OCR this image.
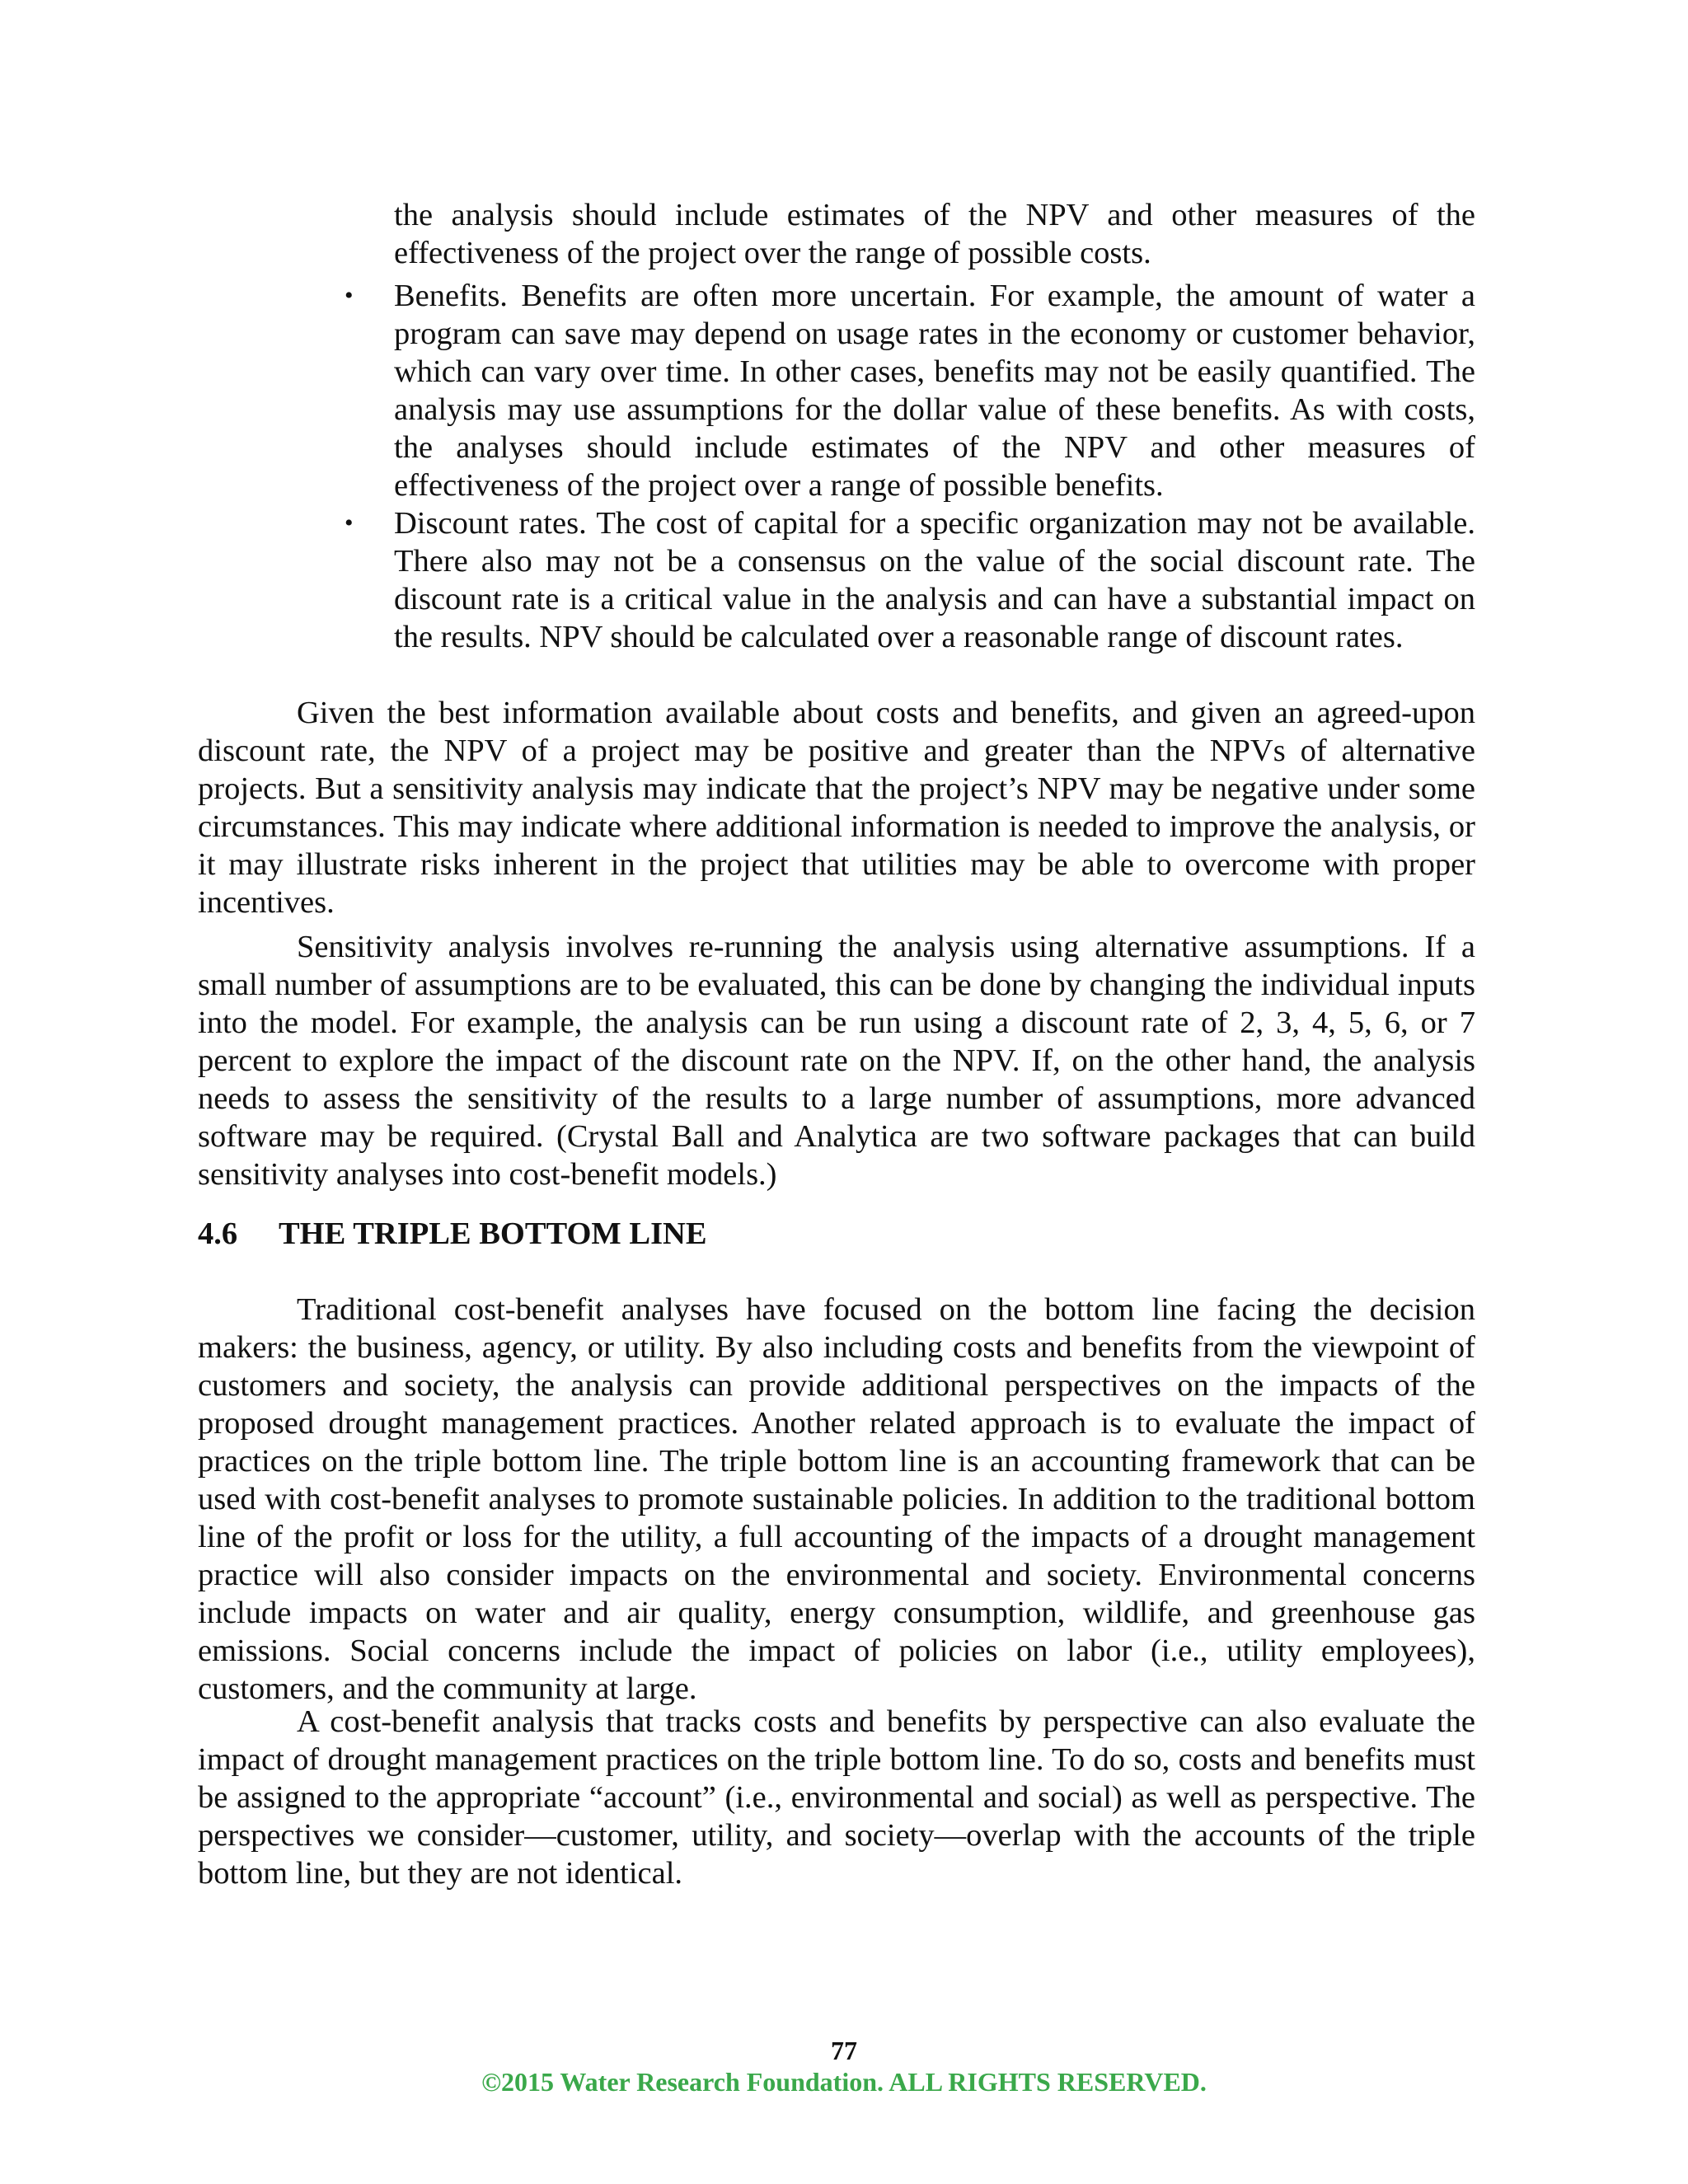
the analysis should include estimates of the NPV and other measures of the effectiveness of the project over the range of possible costs.

• Benefits. Benefits are often more uncertain. For example, the amount of water a program can save may depend on usage rates in the economy or customer behavior, which can vary over time. In other cases, benefits may not be easily quantified. The analysis may use assumptions for the dollar value of these benefits. As with costs, the analyses should include estimates of the NPV and other measures of effectiveness of the project over a range of possible benefits.
• Discount rates. The cost of capital for a specific organization may not be available. There also may not be a consensus on the value of the social discount rate. The discount rate is a critical value in the analysis and can have a substantial impact on the results. NPV should be calculated over a reasonable range of discount rates.

Given the best information available about costs and benefits, and given an agreed-upon discount rate, the NPV of a project may be positive and greater than the NPVs of alternative projects. But a sensitivity analysis may indicate that the project’s NPV may be negative under some circumstances. This may indicate where additional information is needed to improve the analysis, or it may illustrate risks inherent in the project that utilities may be able to overcome with proper incentives.

Sensitivity analysis involves re-running the analysis using alternative assumptions. If a small number of assumptions are to be evaluated, this can be done by changing the individual inputs into the model. For example, the analysis can be run using a discount rate of 2, 3, 4, 5, 6, or 7 percent to explore the impact of the discount rate on the NPV. If, on the other hand, the analysis needs to assess the sensitivity of the results to a large number of assumptions, more advanced software may be required. (Crystal Ball and Analytica are two software packages that can build sensitivity analyses into cost-benefit models.)

4.6 THE TRIPLE BOTTOM LINE

Traditional cost-benefit analyses have focused on the bottom line facing the decision makers: the business, agency, or utility. By also including costs and benefits from the viewpoint of customers and society, the analysis can provide additional perspectives on the impacts of the proposed drought management practices. Another related approach is to evaluate the impact of practices on the triple bottom line. The triple bottom line is an accounting framework that can be used with cost-benefit analyses to promote sustainable policies. In addition to the traditional bottom line of the profit or loss for the utility, a full accounting of the impacts of a drought management practice will also consider impacts on the environmental and society. Environmental concerns include impacts on water and air quality, energy consumption, wildlife, and greenhouse gas emissions. Social concerns include the impact of policies on labor (i.e., utility employees), customers, and the community at large.

A cost-benefit analysis that tracks costs and benefits by perspective can also evaluate the impact of drought management practices on the triple bottom line. To do so, costs and benefits must be assigned to the appropriate “account” (i.e., environmental and social) as well as perspective. The perspectives we consider—customer, utility, and society—overlap with the accounts of the triple bottom line, but they are not identical.

77
©2015 Water Research Foundation. ALL RIGHTS RESERVED.
